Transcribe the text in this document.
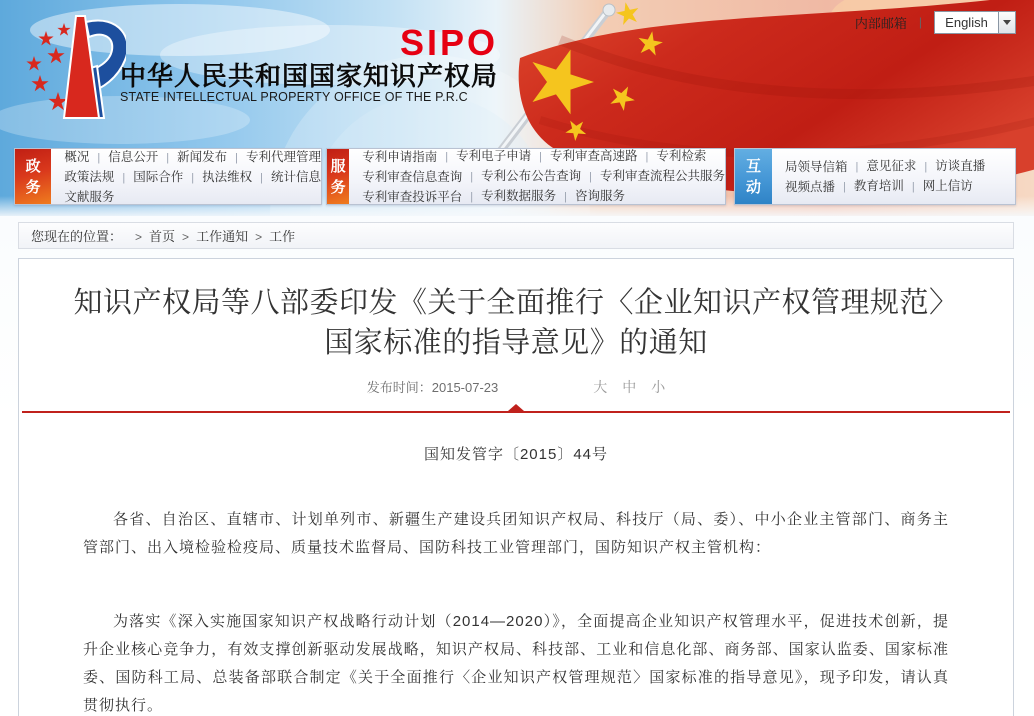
SIPO
中华人民共和国国家知识产权局
STATE INTELLECTUAL PROPERTY OFFICE OF THE P.R.C
内部邮箱 |	English
政务
概况	| 信息公开	| 新闻发布	| 专利代理管理
政策法规	| 国际合作	| 执法维权	| 统计信息
文献服务
服务
专利申请指南	| 专利电子申请	| 专利审查高速路	| 专利检索
专利审查信息查询	| 专利公布公告查询	| 专利审查流程公共服务
专利审查投诉平台	| 专利数据服务	| 咨询服务
互动
局领导信箱	| 意见征求	| 访谈直播
视频点播	| 教育培训	| 网上信访
您现在的位置：	> 首页	> 工作通知	> 工作
知识产权局等八部委印发《关于全面推行〈企业知识产权管理规范〉国家标准的指导意见》的通知
发布时间：2015-07-23	大 中 小
国知发管字〔2015〕44号

各省、自治区、直辖市、计划单列市、新疆生产建设兵团知识产权局、科技厅（局、委）、中小企业主管部门、商务主管部门、出入境检验检疫局、质量技术监督局、国防科技工业管理部门，国防知识产权主管机构：

为落实《深入实施国家知识产权战略行动计划（2014—2020）》，全面提高企业知识产权管理水平，促进技术创新，提升企业核心竞争力，有效支撑创新驱动发展战略，知识产权局、科技部、工业和信息化部、商务部、国家认监委、国家标准委、国防科工局、总装备部联合制定《关于全面推行〈企业知识产权管理规范〉国家标准的指导意见》，现予印发，请认真贯彻执行。
